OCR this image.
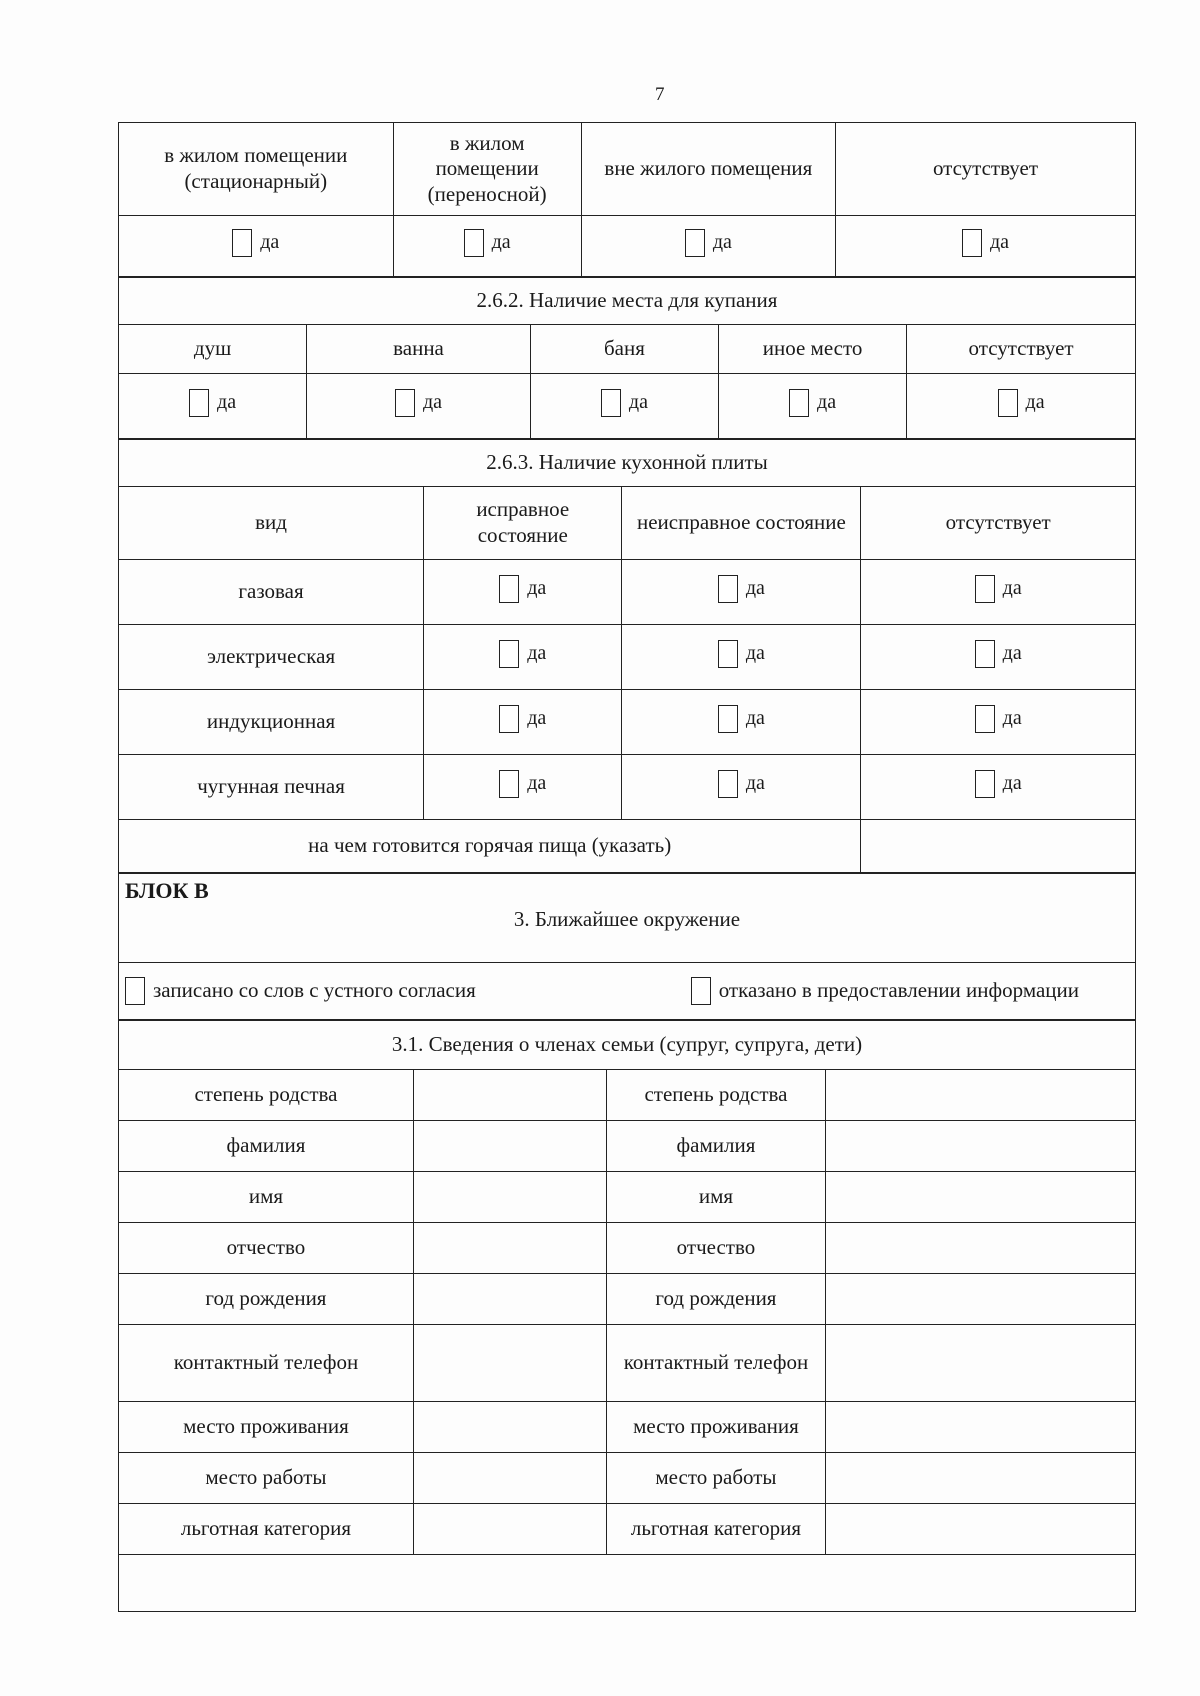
7
в жилом помещении (стационарный)	в жилом помещении (переносной)	вне жилого помещения	отсутствует

да	да	да	да
2.6.2. Наличие места для купания				
душ	ванна	баня	иное место	отсутствует

да	да	да	да	да
2.6.3. Наличие кухонной плиты			
вид	исправное состояние	неисправное состояние	отсутствует
газовая	да	да	да

электрическая	да	да	да

индукционная	да	да	да

чугунная печная	да	да	да

на чем готовится горячая пища (указать)			
БЛОК В
3. Ближайшее окружение

записано со слов с устного согласия	отказано в предоставлении информации
3.1. Сведения о членах семьи (супруг, супруга, дети)			
степень родства		степень родства	
фамилия		фамилия	
имя		имя	
отчество		отчество	
год рождения		год рождения	
контактный телефон		контактный телефон	
место проживания		место проживания	
место работы		место работы	
льготная категория		льготная категория	
